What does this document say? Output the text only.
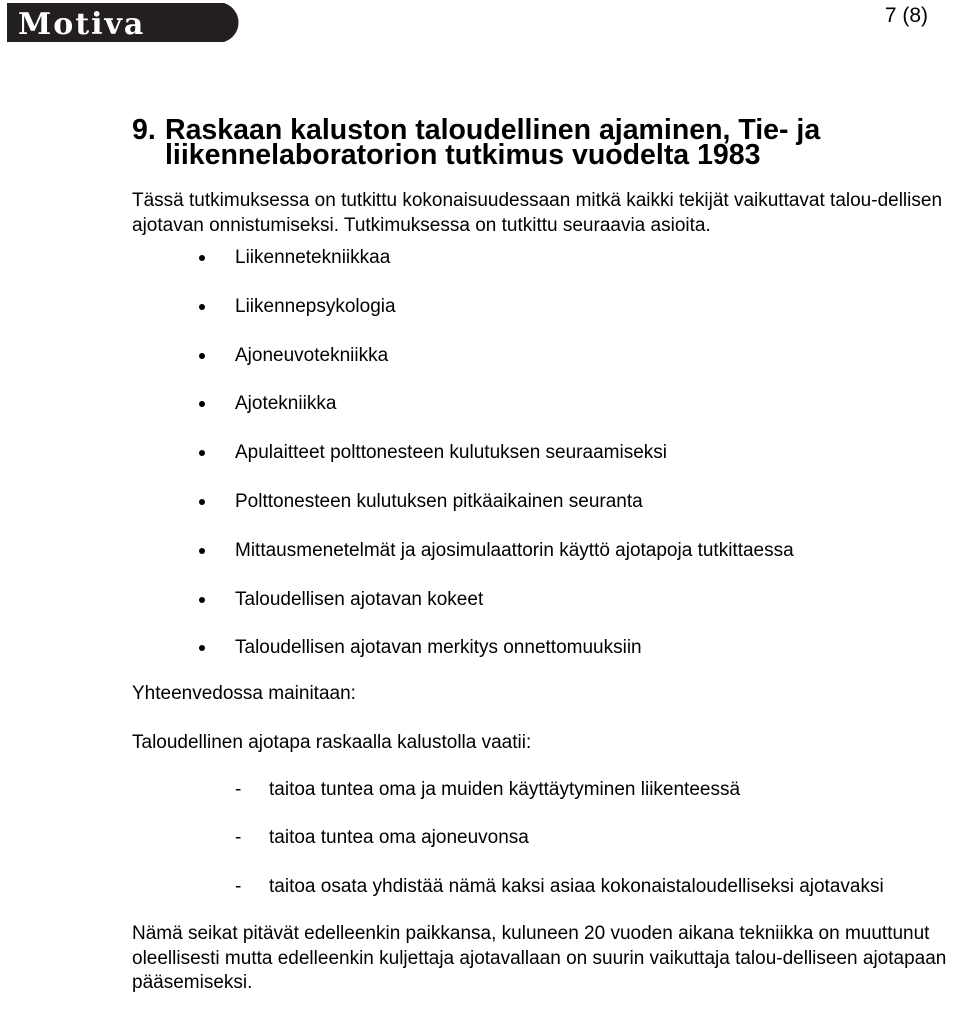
Motiva	7 (8)
9. Raskaan kaluston taloudellinen ajaminen, Tie- ja liikennelaboratorion tutkimus vuodelta 1983

Tässä tutkimuksessa on tutkittu kokonaisuudessaan mitkä kaikki tekijät vaikuttavat talou-dellisen ajotavan onnistumiseksi. Tutkimuksessa on tutkittu seuraavia asioita.

Liikennetekniikkaa
Liikennepsykologia
Ajoneuvotekniikka
Ajotekniikka
Apulaitteet polttonesteen kulutuksen seuraamiseksi
Polttonesteen kulutuksen pitkäaikainen seuranta
Mittausmenetelmät ja ajosimulaattorin käyttö ajotapoja tutkittaessa
Taloudellisen ajotavan kokeet
Taloudellisen ajotavan merkitys onnettomuuksiin
Yhteenvedossa mainitaan:
Taloudellinen ajotapa raskaalla kalustolla vaatii:
- taitoa tuntea oma ja muiden käyttäytyminen liikenteessä
- taitoa tuntea oma ajoneuvonsa
- taitoa osata yhdistää nämä kaksi asiaa kokonaistaloudelliseksi ajotavaksi

Nämä seikat pitävät edelleenkin paikkansa, kuluneen 20 vuoden aikana tekniikka on muuttunut oleellisesti mutta edelleenkin kuljettaja ajotavallaan on suurin vaikuttaja talou-delliseen ajotapaan pääsemiseksi.
